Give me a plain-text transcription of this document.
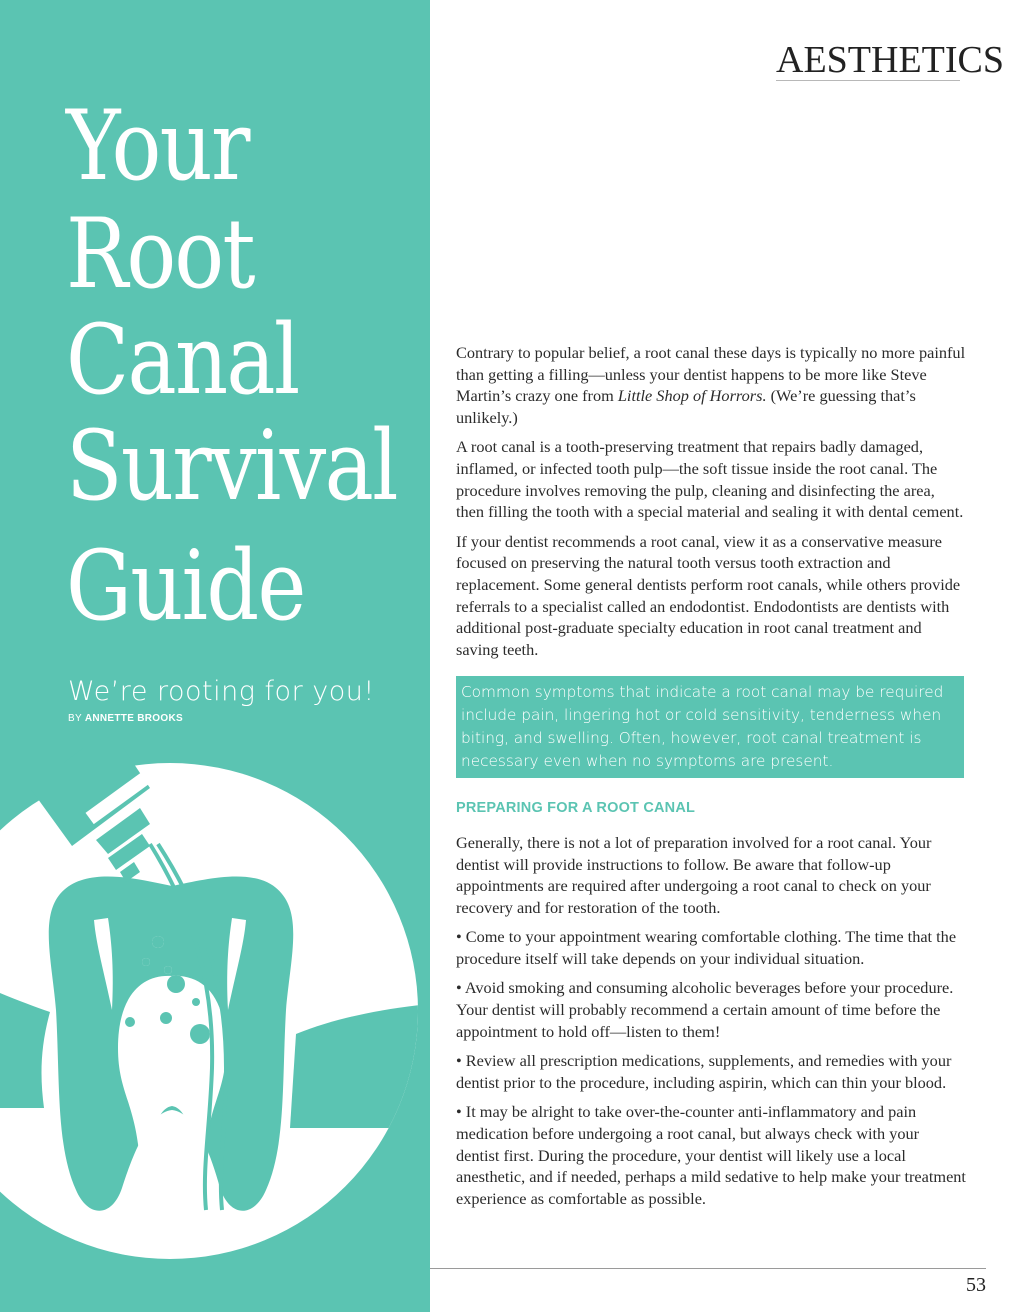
Your
Root
Canal
Survival
Guide
We’re rooting for you!
BY ANNETTE BROOKS
AESTHETICS

Contrary to popular belief, a root canal these days is typically no more painful than getting a filling—unless your dentist happens to be more like Steve Martin’s crazy one from Little Shop of Horrors. (We’re guessing that’s unlikely.)

A root canal is a tooth-preserving treatment that repairs badly damaged, inflamed, or infected tooth pulp—the soft tissue inside the root canal. The procedure involves removing the pulp, cleaning and disinfecting the area, then filling the tooth with a special material and sealing it with dental cement.

If your dentist recommends a root canal, view it as a conservative measure focused on preserving the natural tooth versus tooth extraction and replacement. Some general dentists perform root canals, while others provide referrals to a specialist called an endodontist. Endodontists are dentists with additional post-graduate specialty education in root canal treatment and saving teeth.

Common symptoms that indicate a root canal may be required include pain, lingering hot or cold sensitivity, tenderness when biting, and swelling. Often, however, root canal treatment is necessary even when no symptoms are present.
PREPARING FOR A ROOT CANAL

Generally, there is not a lot of preparation involved for a root canal. Your dentist will provide instructions to follow. Be aware that follow-up appointments are required after undergoing a root canal to check on your recovery and for restoration of the tooth.

• Come to your appointment wearing comfortable clothing. The time that the procedure itself will take depends on your individual situation.

• Avoid smoking and consuming alcoholic beverages before your procedure. Your dentist will probably recommend a certain amount of time before the appointment to hold off—listen to them!

• Review all prescription medications, supplements, and remedies with your dentist prior to the procedure, including aspirin, which can thin your blood.

• It may be alright to take over-the-counter anti-inflammatory and pain medication before undergoing a root canal, but always check with your dentist first. During the procedure, your dentist will likely use a local anesthetic, and if needed, perhaps a mild sedative to help make your treatment experience as comfortable as possible.

53
